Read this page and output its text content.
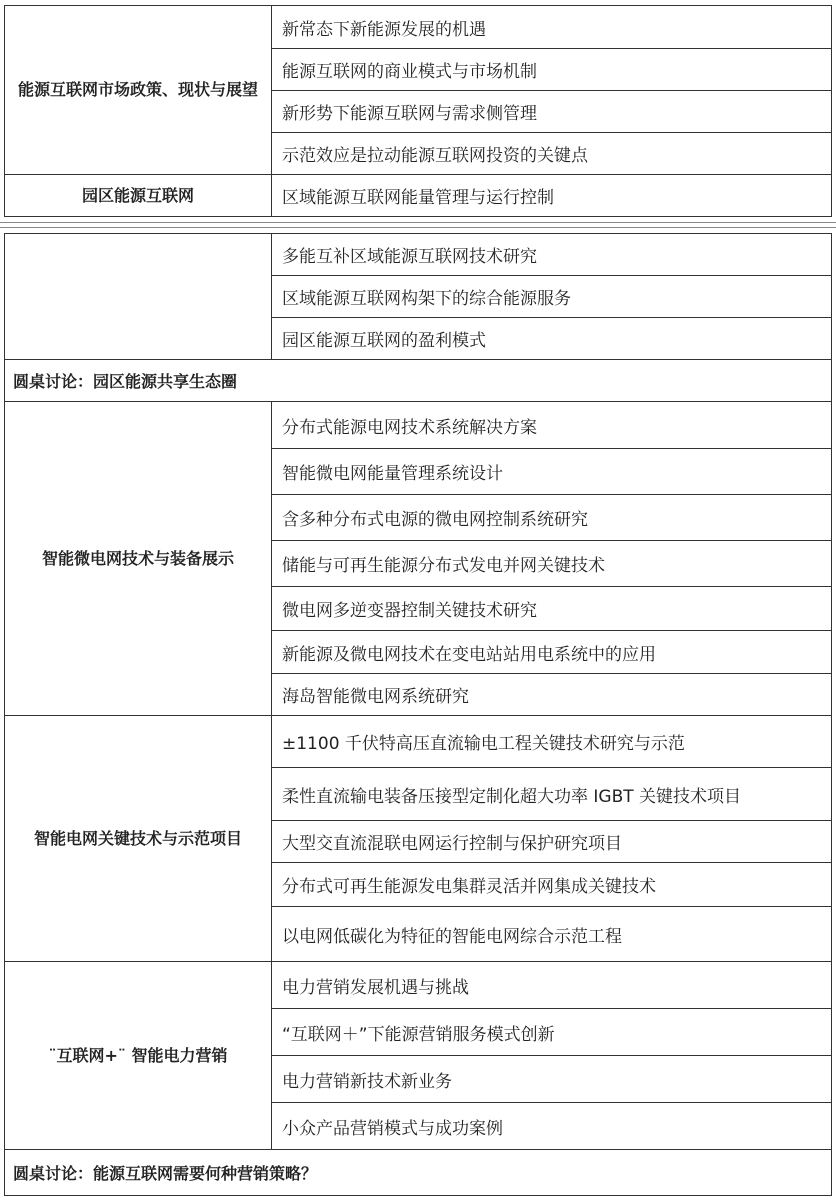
能源互联网市场政策、现状与展望	新常态下新能源发展的机遇
	能源互联网的商业模式与市场机制
	新形势下能源互联网与需求侧管理
	示范效应是拉动能源互联网投资的关键点
园区能源互联网	区域能源互联网能量管理与运行控制
	多能互补区域能源互联网技术研究
	区域能源互联网构架下的综合能源服务
	园区能源互联网的盈利模式
圆桌讨论：园区能源共享生态圈	
智能微电网技术与装备展示	分布式能源电网技术系统解决方案
	智能微电网能量管理系统设计
	含多种分布式电源的微电网控制系统研究
	储能与可再生能源分布式发电并网关键技术
	微电网多逆变器控制关键技术研究
	新能源及微电网技术在变电站站用电系统中的应用
	海岛智能微电网系统研究
智能电网关键技术与示范项目	±1100 千伏特高压直流输电工程关键技术研究与示范
	柔性直流输电装备压接型定制化超大功率 IGBT 关键技术项目
	大型交直流混联电网运行控制与保护研究项目
	分布式可再生能源发电集群灵活并网集成关键技术
	以电网低碳化为特征的智能电网综合示范工程
¨互联网+¨ 智能电力营销	电力营销发展机遇与挑战
	“互联网＋”下能源营销服务模式创新
	电力营销新技术新业务
	小众产品营销模式与成功案例
圆桌讨论：能源互联网需要何种营销策略？	
